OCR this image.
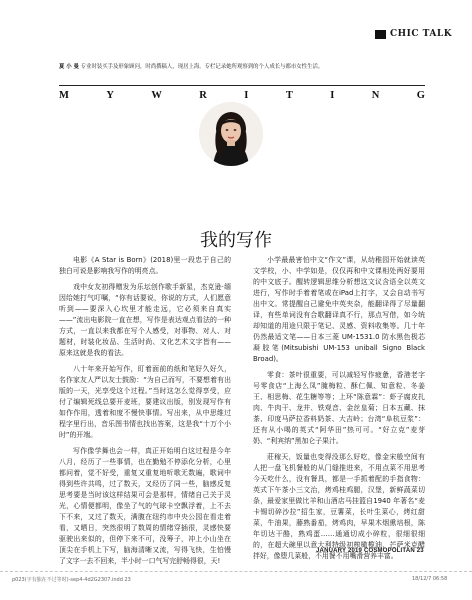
CHIC TALK
夏 小 曼 专业时装买手及形象顾问，时尚撰稿人，现居上海。专栏记录她所观察到的个人成长与都市女性生活。
M	Y	W	R	I	T	I	N	G
我的写作

电影《A Star is Born》(2018)里一段忠于自己的独白可说是影响我写作的明亮点。

戏中女友初得赠发为乐坛创作歌手新星，杰克逊·缅因给她打气叮嘱，“你有话要说，你说的方式，人们愿意听到——要深入心坎里才能走远，它必须来自真实——”流出电影院一直在想，写作是表达观点看法的一种方式，一直以来我都在写个人感受，对事物、对人、对题材，时装化妆品、生活时尚、文化艺术文字皆有——原来这就是我的看法。

八十年来开始写作，盯着面前的纸和笔好久好久，名作家友人严以友士鼓励：“为自己而写，不要想着有出版的一天，光享受这个过程。”当时这怎么觉得享受，应付了编辑死线总要开麦班，要建议出版，别发现写作有如作作用，透着和度不慢快事情。写出来，从中思维过程字里行出，音乐图书情也找出答案，这是我“十万个小时”的开端。

写作像学舞也会一样，真正开始明白这过程是今年八月，经历了一些事情，也在勤勉不停添化分析，心里都问着，觉不好受，重复又重复地听歌无数遍，歌词中得到些许共鸣，过了数天，又经历了同一些，脑感反复思考要是当时该这样结果可会是那样，情绪自己关于灵光，心情便都明，像坐了气的气球卡空飘浮着，上不去下不来，又过了数天，满腹在纽约市中央公园在看走着看，又晒日，突然很明了数周的情绪穿插很，灵感快要驱驶出来似的，但停下来不可，没筹子，冲上小山坐在顶尖在手机上下写，脑海清晰又流，写得飞快，生怕慢了文字一去不回来，半小时一口气写完舒畅得很，天!

小学最最害怕中文“作文”课，从幼稚园开始就读英文学校，小、中学如是，仅仅再和中文课相处两好要用的中文底子。醒转逻辑思维分析想这文议含语全以英文进行，写作时手着着笔或在iPad上打字，又会自动书写出中文。常提醒自己避免中英夹杂，能翻译得了尽量翻译，有些单词没有合歌翻译真不行，那点写借，如今统却知道的用途只限于笔记、灵感、资料收集等。几十年仍然最适文笔——日本三菱 UM-1531.0 防水黑色极芯凝胶笔(Mitsubishi UM-153 uniball Signo Black Broad)。

零食：茶叶很重要，可以减轻写作疲惫，香港老字号零食店“上海么凤”腌梅粒、酥仁佩、知意粒、冬姜王、相思梅、花生糖等等；上环“陈意霖”：虾子腐皮扎肉、牛肉干、龙井、铁观音、金丝皇菊；日本五藏、抹茶、印度马萨拉香料奶茶、大吉岭；台湾“阜杭豆浆”：还有从小喝的英式“阿华田”热可可。“好立克”麦芽奶、“利宾纳”黑加仑子果汁。

莊稼天，饭量也变得没那么好吃，像金宋般空间有人把一盘飞机餐般的从门缝推进来，不用点菜不用思考今天吃什么，没有餐具，都是一手抓着配的手指食物：英式下午茶小三文治，烤鸡桂鸡腿，汉堡，新鲜蔬菜切条，最爱家里做比羊和山酒店马挂篮自1940 年著名“麦卡锡切碎沙拉”招生家，豆薯菜，长叶生菜心，烤红甜菜，牛油果，藤熟番茄，烤鸡肉，早果木烟熏培根，陈年切达干酪，熟鸡蛋……通通切成小碎粒，很细很细的，在超大碗里以意大利特级初榨橄榄油，芒萨米克醋拌好，像堕几菜般，不用餐不用嘴滑营养丰富。

JANUARY 2019 COSMOPOLITAN 23
p023(字有独在不过等时)-sep4-4d2G2307.indd 23	18/12/7 06:58
